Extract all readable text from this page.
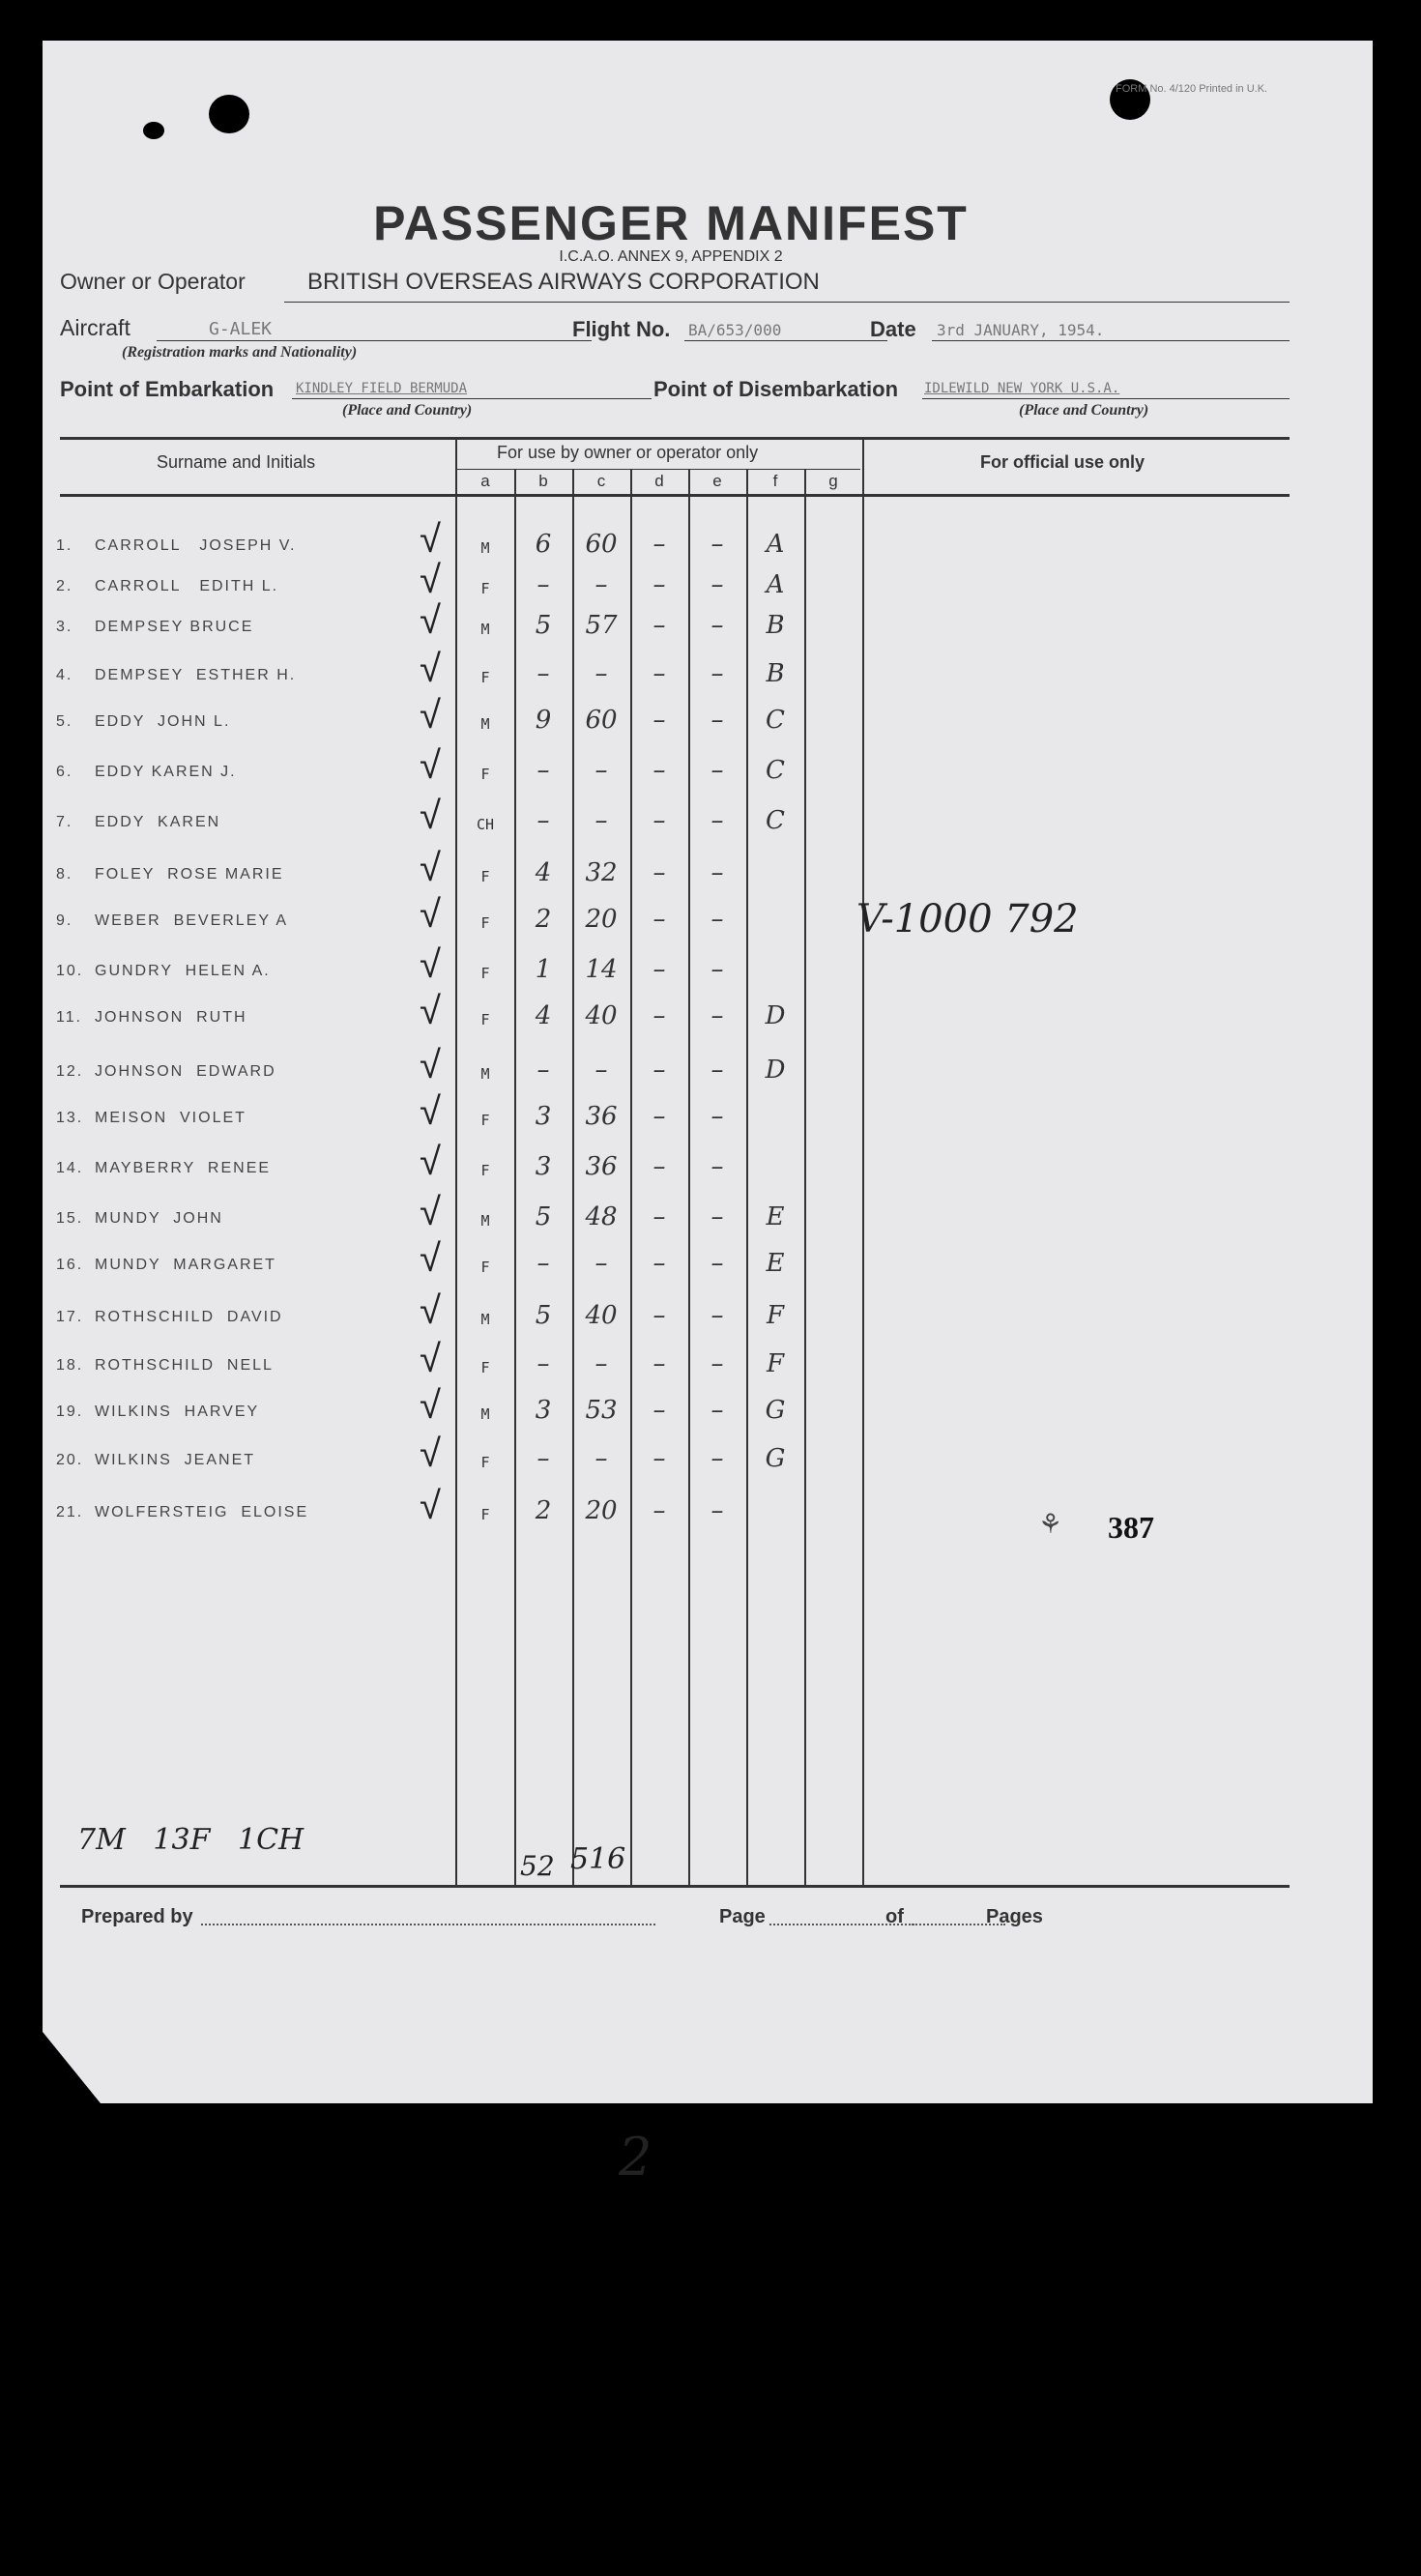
FORM No. 4/120 Printed in U.K.
PASSENGER MANIFEST
I.C.A.O. ANNEX 9, APPENDIX 2
Owner or Operator	BRITISH OVERSEAS AIRWAYS CORPORATION
Aircraft	G-ALEK
(Registration marks and Nationality)
Flight No. BA/653/000	Date 3rd JANUARY, 1954.
Point of Embarkation KINDLEY FIELD BERMUDA
(Place and Country)
Point of Disembarkation IDLEWILD NEW YORK U.S.A.
(Place and Country)
Surname and Initials	For use by owner or operator only	For official use only
a	b	c	d	e	f	g
1. CARROLL   JOSEPH V.	√	M	6	60	–	–	A
2. CARROLL   EDITH L.	√	F	–	–	–	–	A
3. DEMPSEY BRUCE	√	M	5	57	–	–	B
4. DEMPSEY  ESTHER H.	√	F	–	–	–	–	B
5. EDDY  JOHN L.	√	M	9	60	–	–	C
6. EDDY KAREN J.	√	F	–	–	–	–	C
7. EDDY  KAREN	√	CH	–	–	–	–	C
8. FOLEY  ROSE MARIE	√	F	4	32	–	–
9. WEBER  BEVERLEY A	√	F	2	20	–	–
10. GUNDRY  HELEN A.	√	F	1	14	–	–
11. JOHNSON  RUTH	√	F	4	40	–	–	D
12. JOHNSON  EDWARD	√	M	–	–	–	–	D
13. MEISON  VIOLET	√	F	3	36	–	–
14. MAYBERRY  RENEE	√	F	3	36	–	–
15. MUNDY  JOHN	√	M	5	48	–	–	E
16. MUNDY  MARGARET	√	F	–	–	–	–	E
17. ROTHSCHILD  DAVID	√	M	5	40	–	–	F
18. ROTHSCHILD  NELL	√	F	–	–	–	–	F
19. WILKINS  HARVEY	√	M	3	53	–	–	G
20. WILKINS  JEANET	√	F	–	–	–	–	G
21. WOLFERSTEIG  ELOISE	√	F	2	20	–	–
V-1000 792
⚘ 387
7M   13F   1CH
52 516
Prepared by	Page	of	Pages
2
